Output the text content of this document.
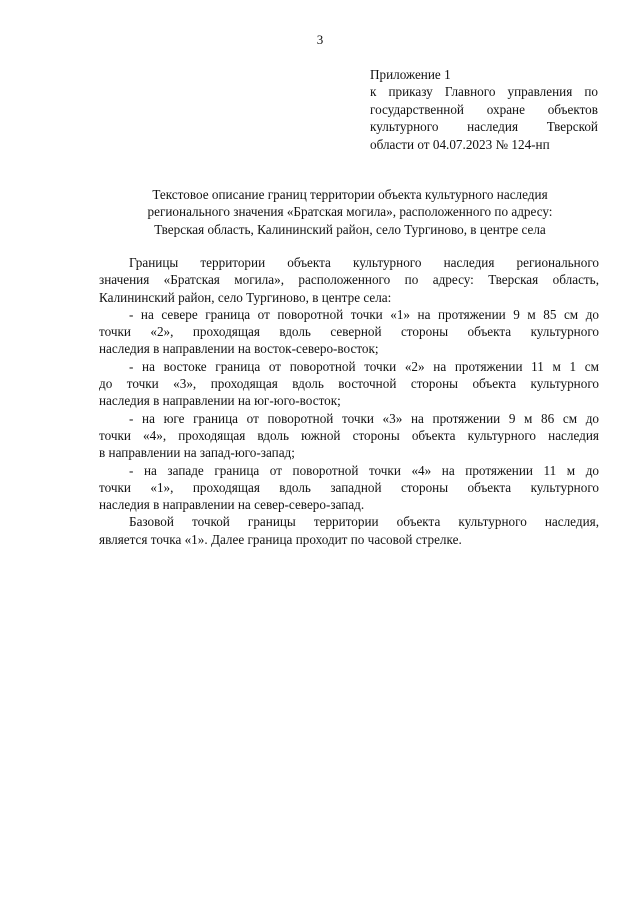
3
Приложение 1
к приказу Главного управления по
государственной охране объектов
культурного наследия Тверской
области от 04.07.2023 № 124-нп
Текстовое описание границ территории объекта культурного наследия
регионального значения «Братская могила», расположенного по адресу:
Тверская область, Калининский район, село Тургиново, в центре села
Границы территории объекта культурного наследия регионального
значения «Братская могила», расположенного по адресу: Тверская область,
Калининский район, село Тургиново, в центре села:
- на севере граница от поворотной точки «1» на протяжении 9 м 85 см до
точки «2», проходящая вдоль северной стороны объекта культурного
наследия в направлении на восток-северо-восток;
- на востоке граница от поворотной точки «2» на протяжении 11 м 1 см
до точки «3», проходящая вдоль восточной стороны объекта культурного
наследия в направлении на юг-юго-восток;
- на юге граница от поворотной точки «3» на протяжении 9 м 86 см до
точки «4», проходящая вдоль южной стороны объекта культурного наследия
в направлении на запад-юго-запад;
- на западе граница от поворотной точки «4» на протяжении 11 м до
точки «1», проходящая вдоль западной стороны объекта культурного
наследия в направлении на север-северо-запад.
Базовой точкой границы территории объекта культурного наследия,
является точка «1». Далее граница проходит по часовой стрелке.
